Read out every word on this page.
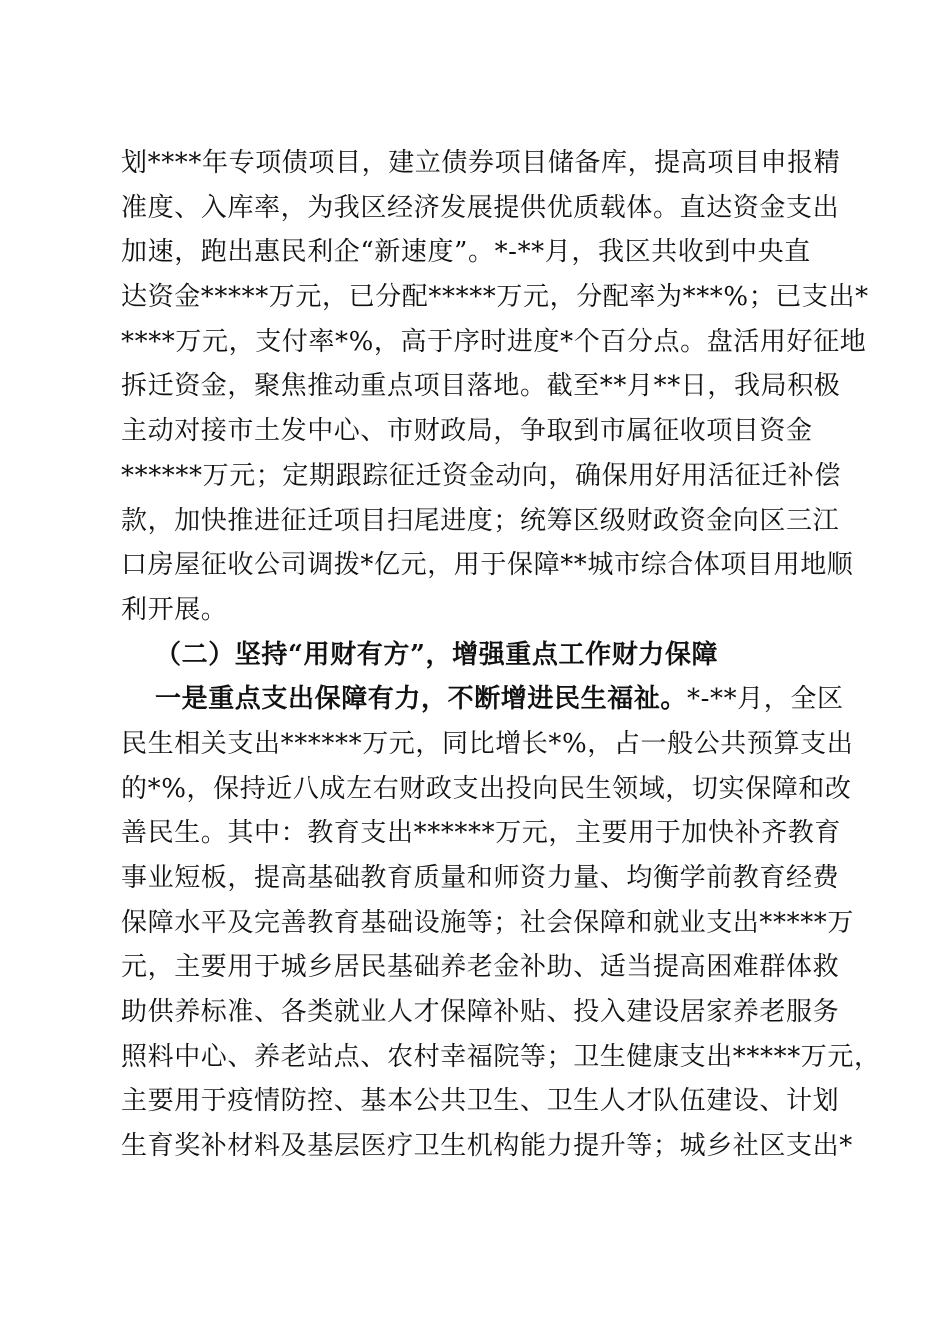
划****年专项债项目，建立债券项目储备库，提高项目申报精
准度、入库率，为我区经济发展提供优质载体。直达资金支出
加速，跑出惠民利企“新速度”。*-**月，我区共收到中央直
达资金*****万元，已分配*****万元，分配率为***%；已支出*
****万元，支付率*%，高于序时进度*个百分点。盘活用好征地
拆迁资金，聚焦推动重点项目落地。截至**月**日，我局积极
主动对接市土发中心、市财政局，争取到市属征收项目资金
******万元；定期跟踪征迁资金动向，确保用好用活征迁补偿
款，加快推进征迁项目扫尾进度；统筹区级财政资金向区三江
口房屋征收公司调拨*亿元，用于保障**城市综合体项目用地顺
利开展。
（二）坚持“用财有方”，增强重点工作财力保障
一是重点支出保障有力，不断增进民生福祉。*-**月，全区
民生相关支出******万元，同比增长*%，占一般公共预算支出
的*%，保持近八成左右财政支出投向民生领域，切实保障和改
善民生。其中：教育支出******万元，主要用于加快补齐教育
事业短板，提高基础教育质量和师资力量、均衡学前教育经费
保障水平及完善教育基础设施等；社会保障和就业支出*****万
元，主要用于城乡居民基础养老金补助、适当提高困难群体救
助供养标准、各类就业人才保障补贴、投入建设居家养老服务
照料中心、养老站点、农村幸福院等；卫生健康支出*****万元，
主要用于疫情防控、基本公共卫生、卫生人才队伍建设、计划
生育奖补材料及基层医疗卫生机构能力提升等；城乡社区支出*
